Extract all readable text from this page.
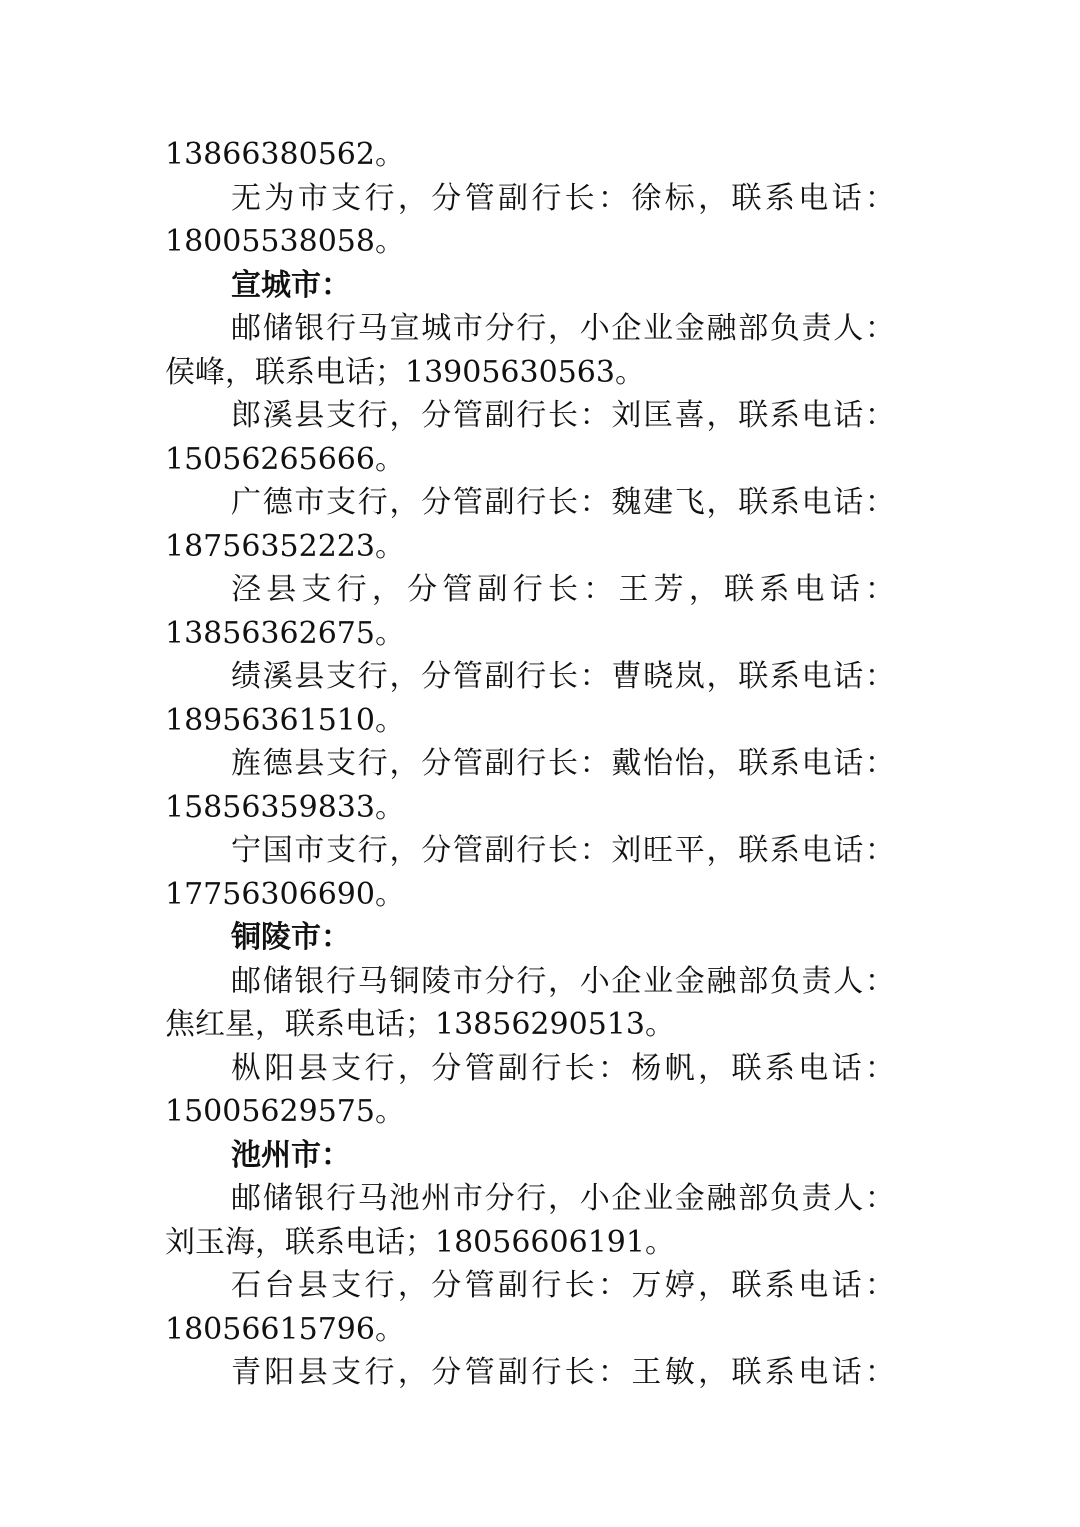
13866380562。
无为市支行，分管副行长：徐标，联系电话：
18005538058。
宣城市：
邮储银行马宣城市分行，小企业金融部负责人：
侯峰，联系电话；13905630563。
郎溪县支行，分管副行长：刘匡喜，联系电话：
15056265666。
广德市支行，分管副行长：魏建飞，联系电话：
18756352223。
泾县支行，分管副行长：王芳，联系电话：
13856362675。
绩溪县支行，分管副行长：曹晓岚，联系电话：
18956361510。
旌德县支行，分管副行长：戴怡怡，联系电话：
15856359833。
宁国市支行，分管副行长：刘旺平，联系电话：
17756306690。
铜陵市：
邮储银行马铜陵市分行，小企业金融部负责人：
焦红星，联系电话；13856290513。
枞阳县支行，分管副行长：杨帆，联系电话：
15005629575。
池州市：
邮储银行马池州市分行，小企业金融部负责人：
刘玉海，联系电话；18056606191。
石台县支行，分管副行长：万婷，联系电话：
18056615796。
青阳县支行，分管副行长：王敏，联系电话：
